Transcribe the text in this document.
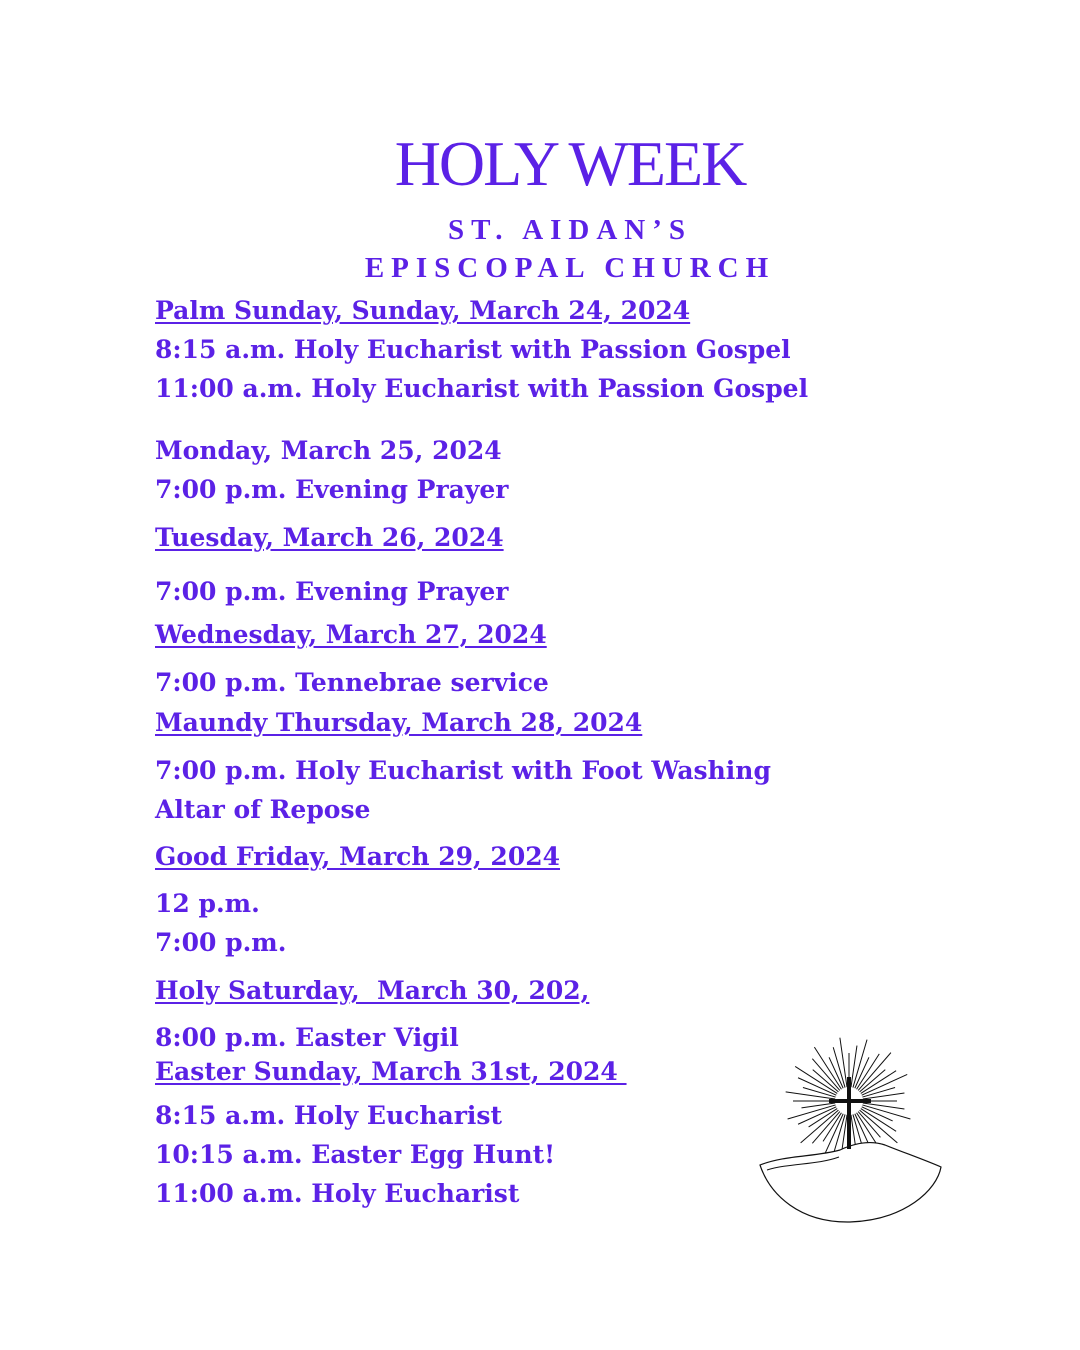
HOLY WEEK
ST. AIDAN’S
EPISCOPAL CHURCH
Palm Sunday, Sunday, March 24, 2024
8:15 a.m. Holy Eucharist with Passion Gospel
11:00 a.m. Holy Eucharist with Passion Gospel
Monday, March 25, 2024
7:00 p.m. Evening Prayer
Tuesday, March 26, 2024
7:00 p.m. Evening Prayer
Wednesday, March 27, 2024
7:00 p.m. Tennebrae service
Maundy Thursday, March 28, 2024
7:00 p.m. Holy Eucharist with Foot Washing
Altar of Repose
Good Friday, March 29, 2024
12 p.m.
7:00 p.m.
Holy Saturday,  March 30, 202,
8:00 p.m. Easter Vigil
Easter Sunday, March 31st, 2024
8:15 a.m. Holy Eucharist
10:15 a.m. Easter Egg Hunt!
11:00 a.m. Holy Eucharist
